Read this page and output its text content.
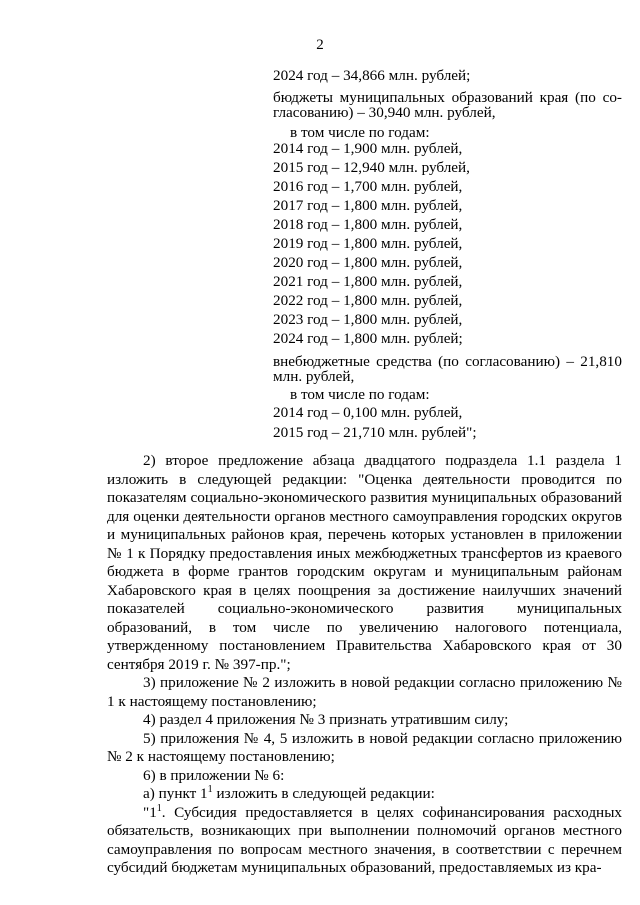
2
2024 год – 34,866 млн. рублей;
бюджеты муниципальных образований края (по со-гласованию) – 30,940 млн. рублей,
в том числе по годам:
2014 год – 1,900 млн. рублей,
2015 год – 12,940 млн. рублей,
2016 год – 1,700 млн. рублей,
2017 год – 1,800 млн. рублей,
2018 год – 1,800 млн. рублей,
2019 год – 1,800 млн. рублей,
2020 год – 1,800 млн. рублей,
2021 год – 1,800 млн. рублей,
2022 год – 1,800 млн. рублей,
2023 год – 1,800 млн. рублей,
2024 год – 1,800 млн. рублей;
внебюджетные средства (по согласованию) – 21,810 млн. рублей,
в том числе по годам:
2014 год – 0,100 млн. рублей,
2015 год – 21,710 млн. рублей";

2) второе предложение абзаца двадцатого подраздела 1.1 раздела 1 изложить в следующей редакции: "Оценка деятельности проводится по показателям социально-экономического развития муниципальных образований для оценки деятельности органов местного самоуправления городских округов и муниципальных районов края, перечень которых установлен в приложении № 1 к Порядку предоставления иных межбюджетных трансфертов из краевого бюджета в форме грантов городским округам и муниципальным районам Хабаровского края в целях поощрения за достижение наилучших значений показателей социально-экономического развития муниципальных образований, в том числе по увеличению налогового потенциала, утвержденному постановлением Правительства Хабаровского края от 30 сентября 2019 г. № 397-пр.";

3) приложение № 2 изложить в новой редакции согласно приложению № 1 к настоящему постановлению;

4) раздел 4 приложения № 3 признать утратившим силу;

5) приложения № 4, 5 изложить в новой редакции согласно приложению № 2 к настоящему постановлению;

6) в приложении № 6:

а) пункт $1^1$ изложить в следующей редакции:

"$1^1$. Субсидия предоставляется в целях софинансирования расходных обязательств, возникающих при выполнении полномочий органов местного самоуправления по вопросам местного значения, в соответствии с перечнем субсидий бюджетам муниципальных образований, предоставляемых из кра-
